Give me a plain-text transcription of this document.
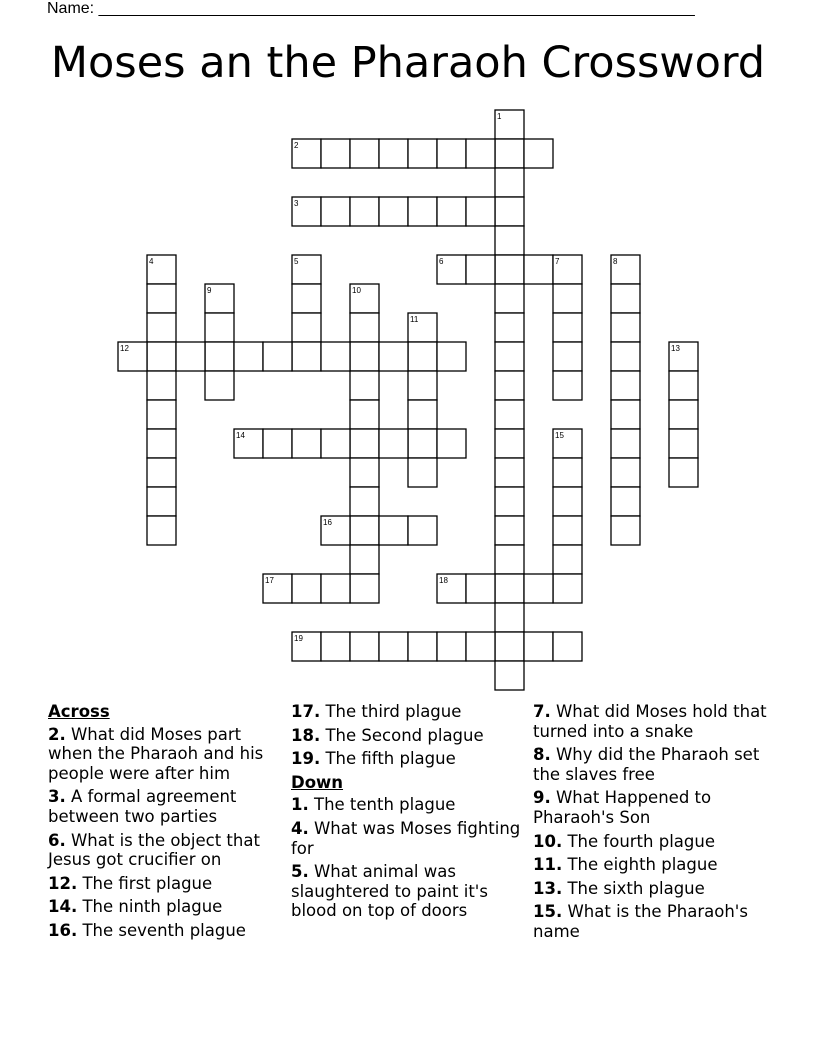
Name: ___________________________________________________________________
Moses an the Pharaoh Crossword
1
2
3
4	5	6	7	8
9	10
11
12	13
14	15
16
17	18
19
Across
2. What did Moses part when the Pharaoh and his people were after him
3. A formal agreement between two parties
6. What is the object that Jesus got crucifier on
12. The first plague
14. The ninth plague
16. The seventh plague
17. The third plague
18. The Second plague
19. The fifth plague
Down
1. The tenth plague
4. What was Moses fighting for
5. What animal was slaughtered to paint it's blood on top of doors
7. What did Moses hold that turned into a snake
8. Why did the Pharaoh set the slaves free
9. What Happened to Pharaoh's Son
10. The fourth plague
11. The eighth plague
13. The sixth plague
15. What is the Pharaoh's name
